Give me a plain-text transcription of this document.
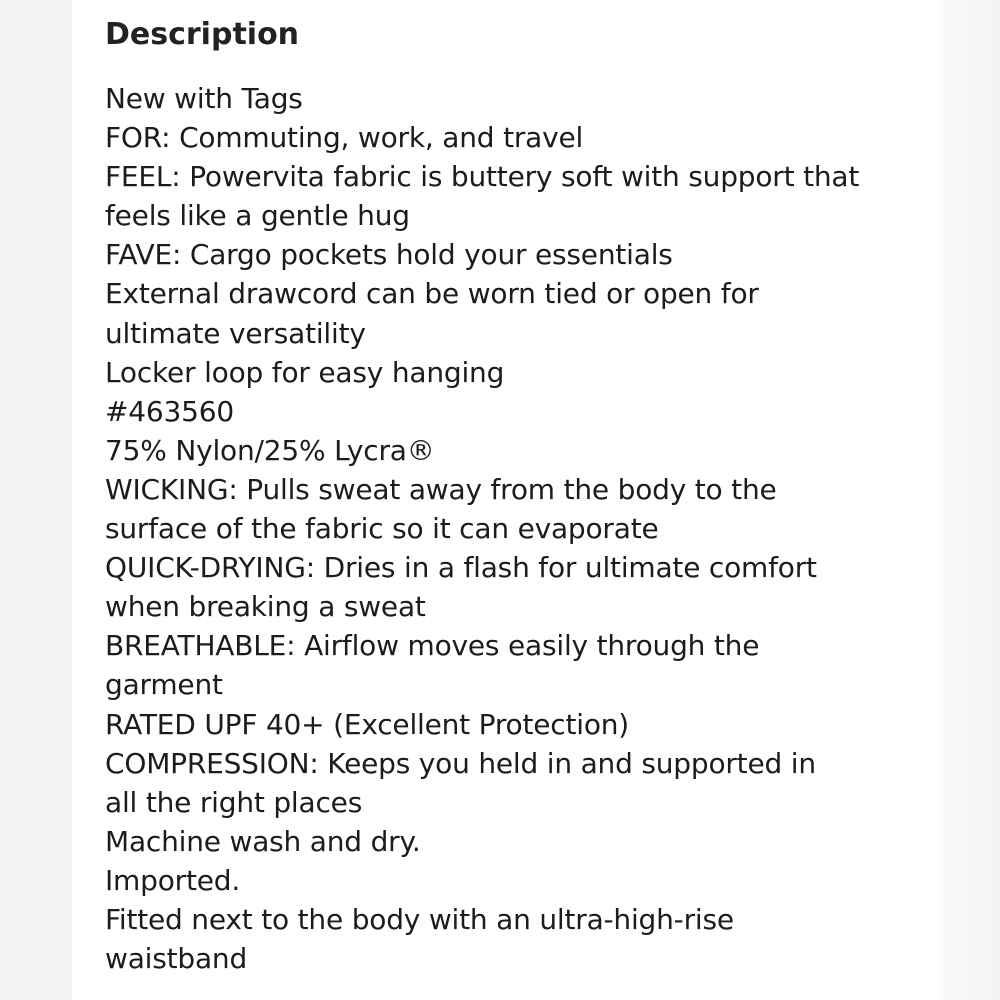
Description
New with Tags
FOR: Commuting, work, and travel
FEEL: Powervita fabric is buttery soft with support that
feels like a gentle hug
FAVE: Cargo pockets hold your essentials
External drawcord can be worn tied or open for
ultimate versatility
Locker loop for easy hanging
#463560
75% Nylon/25% Lycra®
WICKING: Pulls sweat away from the body to the
surface of the fabric so it can evaporate
QUICK-DRYING: Dries in a flash for ultimate comfort
when breaking a sweat
BREATHABLE: Airflow moves easily through the
garment
RATED UPF 40+ (Excellent Protection)
COMPRESSION: Keeps you held in and supported in
all the right places
Machine wash and dry.
Imported.
Fitted next to the body with an ultra-high-rise
waistband
